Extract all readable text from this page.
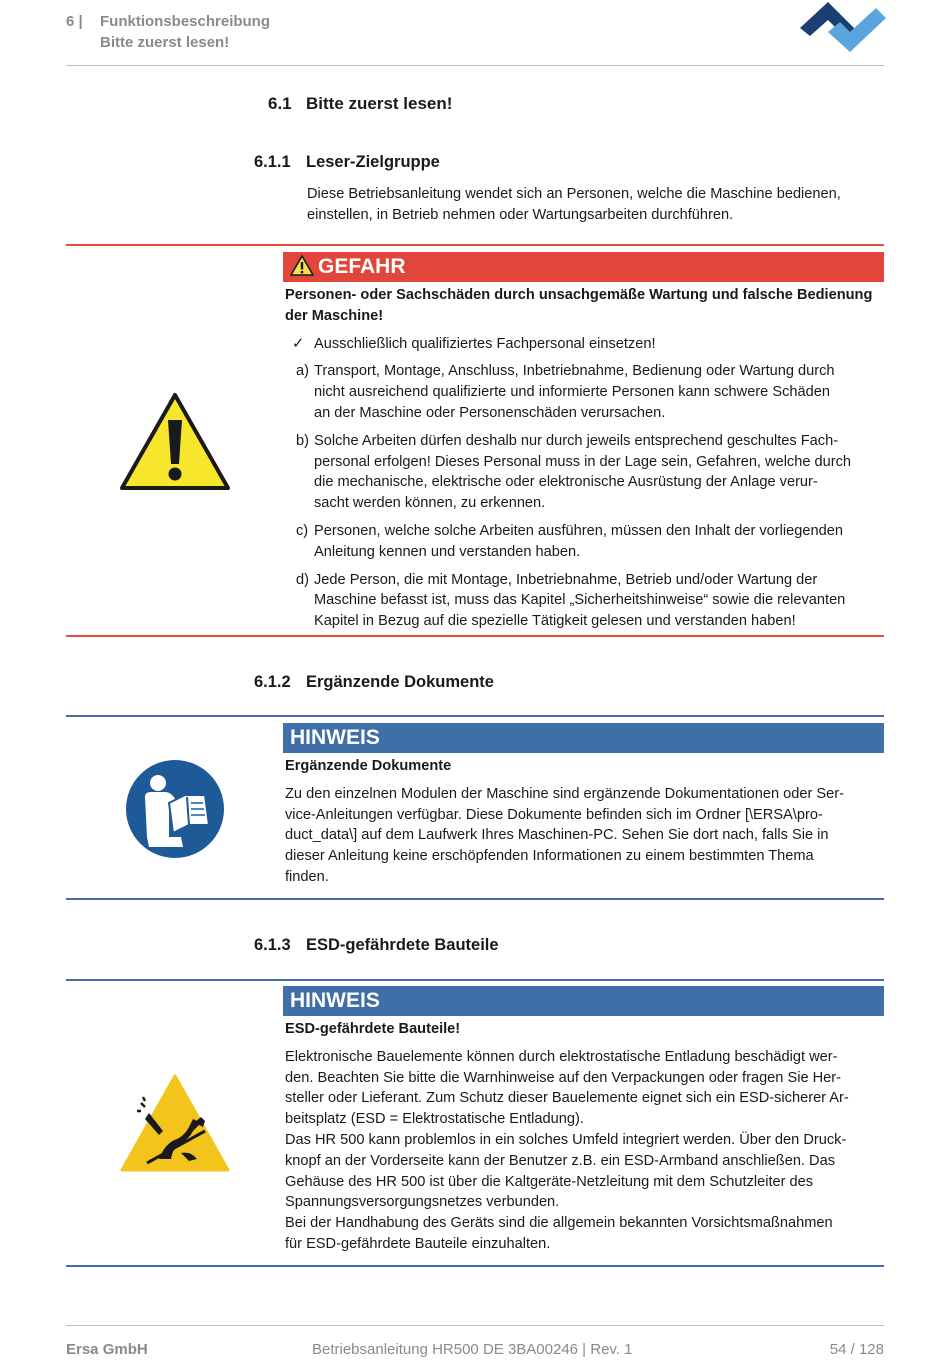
6 | Funktionsbeschreibung
Bitte zuerst lesen!
6.1 Bitte zuerst lesen!
6.1.1 Leser-Zielgruppe
Diese Betriebsanleitung wendet sich an Personen, welche die Maschine bedienen,
einstellen, in Betrieb nehmen oder Wartungsarbeiten durchführen.
GEFAHR
Personen- oder Sachschäden durch unsachgemäße Wartung und falsche Bedienung
der Maschine!
✓ Ausschließlich qualifiziertes Fachpersonal einsetzen!
a) Transport, Montage, Anschluss, Inbetriebnahme, Bedienung oder Wartung durch
nicht ausreichend qualifizierte und informierte Personen kann schwere Schäden
an der Maschine oder Personenschäden verursachen.
b) Solche Arbeiten dürfen deshalb nur durch jeweils entsprechend geschultes Fach-
personal erfolgen! Dieses Personal muss in der Lage sein, Gefahren, welche durch
die mechanische, elektrische oder elektronische Ausrüstung der Anlage verur-
sacht werden können, zu erkennen.
c) Personen, welche solche Arbeiten ausführen, müssen den Inhalt der vorliegenden
Anleitung kennen und verstanden haben.
d) Jede Person, die mit Montage, Inbetriebnahme, Betrieb und/oder Wartung der
Maschine befasst ist, muss das Kapitel „Sicherheitshinweise“ sowie die relevanten
Kapitel in Bezug auf die spezielle Tätigkeit gelesen und verstanden haben!
6.1.2 Ergänzende Dokumente
HINWEIS
Ergänzende Dokumente
Zu den einzelnen Modulen der Maschine sind ergänzende Dokumentationen oder Ser-
vice-Anleitungen verfügbar. Diese Dokumente befinden sich im Ordner [\ERSA\pro-
duct_data\] auf dem Laufwerk Ihres Maschinen-PC. Sehen Sie dort nach, falls Sie in
dieser Anleitung keine erschöpfenden Informationen zu einem bestimmten Thema
finden.
6.1.3 ESD-gefährdete Bauteile
HINWEIS
ESD-gefährdete Bauteile!
Elektronische Bauelemente können durch elektrostatische Entladung beschädigt wer-
den. Beachten Sie bitte die Warnhinweise auf den Verpackungen oder fragen Sie Her-
steller oder Lieferant. Zum Schutz dieser Bauelemente eignet sich ein ESD-sicherer Ar-
beitsplatz (ESD = Elektrostatische Entladung).
Das HR 500 kann problemlos in ein solches Umfeld integriert werden. Über den Druck-
knopf an der Vorderseite kann der Benutzer z.B. ein ESD-Armband anschließen. Das
Gehäuse des HR 500 ist über die Kaltgeräte-Netzleitung mit dem Schutzleiter des
Spannungsversorgungsnetzes verbunden.
Bei der Handhabung des Geräts sind die allgemein bekannten Vorsichtsmaßnahmen
für ESD-gefährdete Bauteile einzuhalten.
Ersa GmbH	Betriebsanleitung HR500 DE 3BA00246 | Rev. 1	54 / 128
